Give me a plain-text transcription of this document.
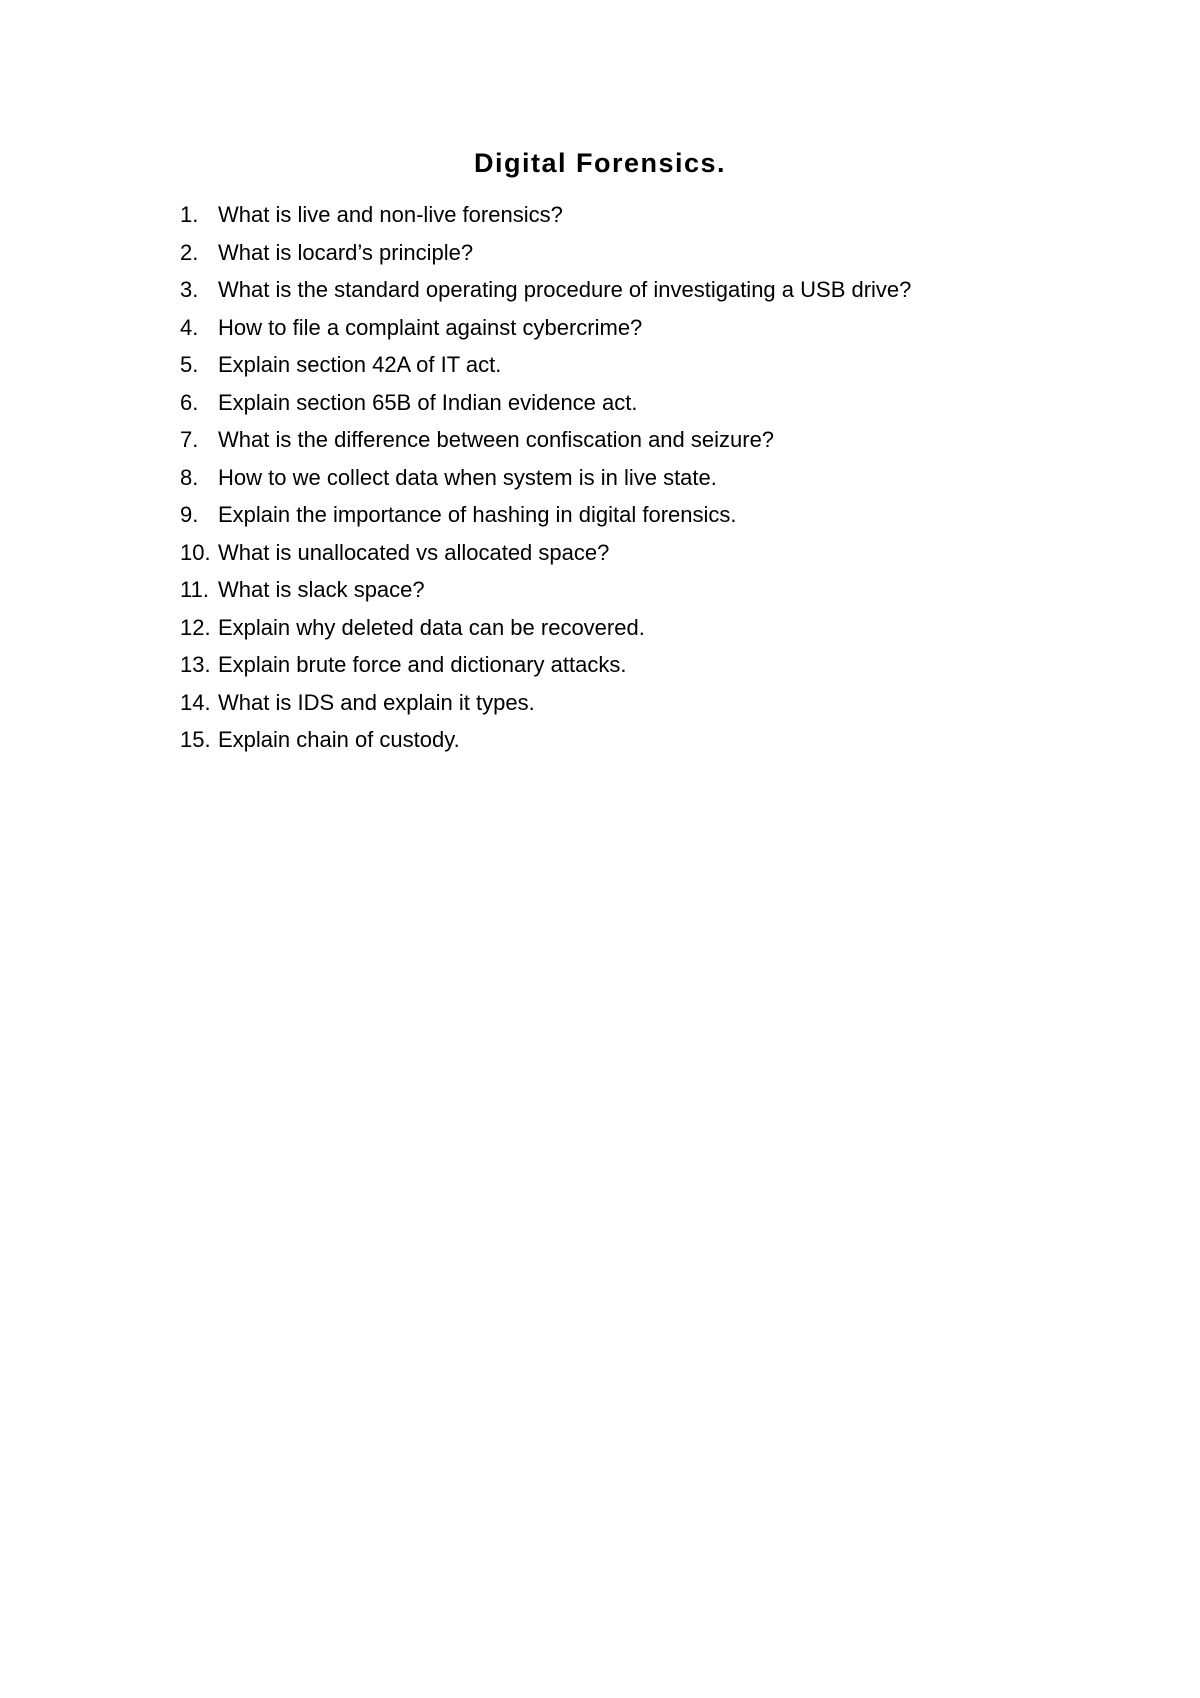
Digital Forensics.
1. What is live and non-live forensics?
2. What is locard’s principle?
3. What is the standard operating procedure of investigating a USB drive?
4. How to file a complaint against cybercrime?
5. Explain section 42A of IT act.
6. Explain section 65B of Indian evidence act.
7. What is the difference between confiscation and seizure?
8. How to we collect data when system is in live state.
9. Explain the importance of hashing in digital forensics.
10. What is unallocated vs allocated space?
11. What is slack space?
12. Explain why deleted data can be recovered.
13. Explain brute force and dictionary attacks.
14. What is IDS and explain it types.
15. Explain chain of custody.
